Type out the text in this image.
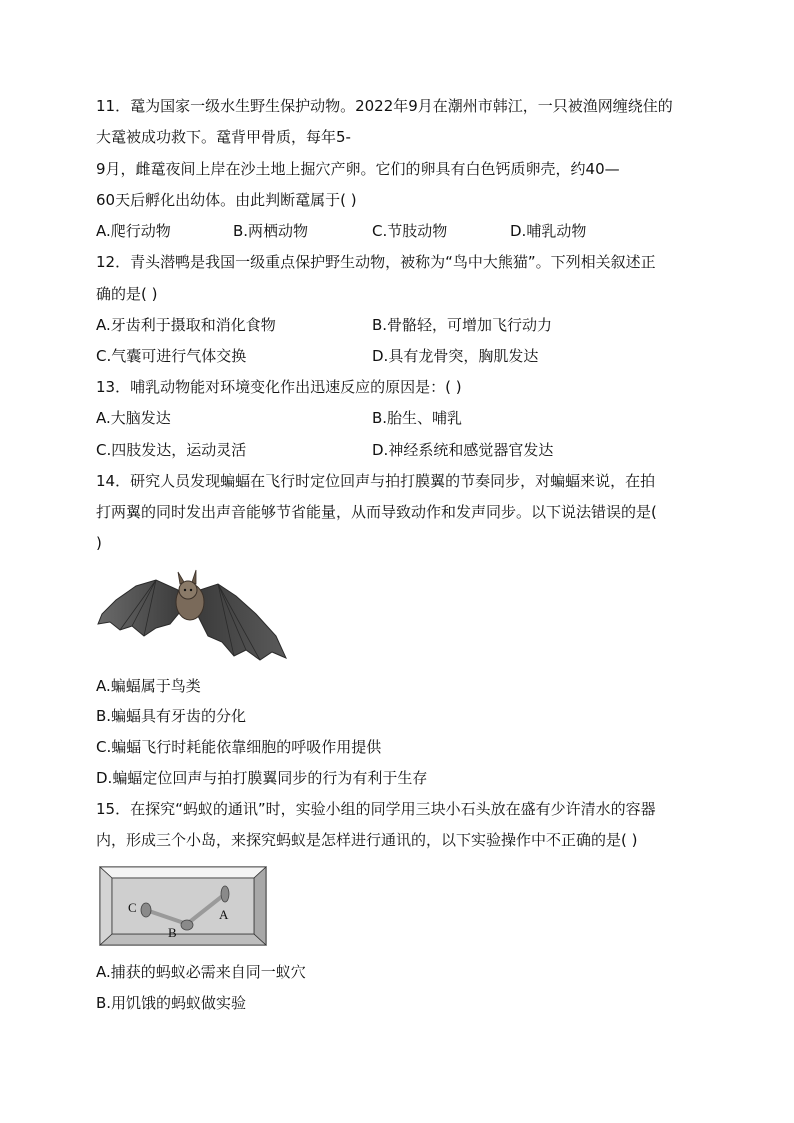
11．鼋为国家一级水生野生保护动物。2022年9月在潮州市韩江，一只被渔网缠绕住的
大鼋被成功救下。鼋背甲骨质，每年5-
9月，雌鼋夜间上岸在沙土地上掘穴产卵。它们的卵具有白色钙质卵壳，约40—
60天后孵化出幼体。由此判断鼋属于( )
A.爬行动物	B.两栖动物	C.节肢动物	D.哺乳动物
12．青头潜鸭是我国一级重点保护野生动物，被称为“鸟中大熊猫”。下列相关叙述正
确的是( )
A.牙齿利于摄取和消化食物	B.骨骼轻，可增加飞行动力
C.气囊可进行气体交换	D.具有龙骨突，胸肌发达
13．哺乳动物能对环境变化作出迅速反应的原因是：( )
A.大脑发达	B.胎生、哺乳
C.四肢发达，运动灵活	D.神经系统和感觉器官发达
14．研究人员发现蝙蝠在飞行时定位回声与拍打膜翼的节奏同步，对蝙蝠来说，在拍
打两翼的同时发出声音能够节省能量，从而导致动作和发声同步。以下说法错误的是(
)
A.蝙蝠属于鸟类
B.蝙蝠具有牙齿的分化
C.蝙蝠飞行时耗能依靠细胞的呼吸作用提供
D.蝙蝠定位回声与拍打膜翼同步的行为有利于生存
15．在探究“蚂蚁的通讯”时，实验小组的同学用三块小石头放在盛有少许清水的容器
内，形成三个小岛，来探究蚂蚁是怎样进行通讯的，以下实验操作中不正确的是( )
C
B
A
A.捕获的蚂蚁必需来自同一蚁穴
B.用饥饿的蚂蚁做实验
